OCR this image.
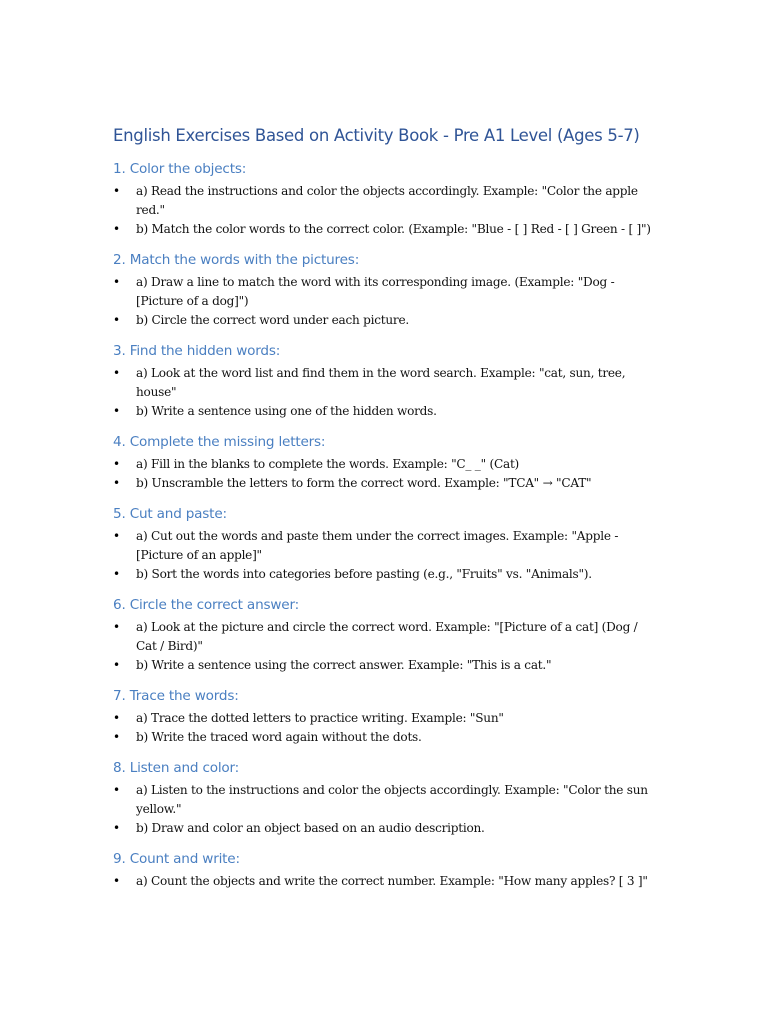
English Exercises Based on Activity Book - Pre A1 Level (Ages 5-7)
1. Color the objects:
• a) Read the instructions and color the objects accordingly. Example: "Color the apple red."
• b) Match the color words to the correct color. (Example: "Blue - [ ] Red - [ ] Green - [ ]")
2. Match the words with the pictures:
• a) Draw a line to match the word with its corresponding image. (Example: "Dog - [Picture of a dog]")
• b) Circle the correct word under each picture.
3. Find the hidden words:
• a) Look at the word list and find them in the word search. Example: "cat, sun, tree, house"
• b) Write a sentence using one of the hidden words.
4. Complete the missing letters:
• a) Fill in the blanks to complete the words. Example: "C_ _" (Cat)
• b) Unscramble the letters to form the correct word. Example: "TCA" → "CAT"
5. Cut and paste:
• a) Cut out the words and paste them under the correct images. Example: "Apple - [Picture of an apple]"
• b) Sort the words into categories before pasting (e.g., "Fruits" vs. "Animals").
6. Circle the correct answer:
• a) Look at the picture and circle the correct word. Example: "[Picture of a cat] (Dog / Cat / Bird)"
• b) Write a sentence using the correct answer. Example: "This is a cat."
7. Trace the words:
• a) Trace the dotted letters to practice writing. Example: "Sun"
• b) Write the traced word again without the dots.
8. Listen and color:
• a) Listen to the instructions and color the objects accordingly. Example: "Color the sun yellow."
• b) Draw and color an object based on an audio description.
9. Count and write:
• a) Count the objects and write the correct number. Example: "How many apples? [ 3 ]"
